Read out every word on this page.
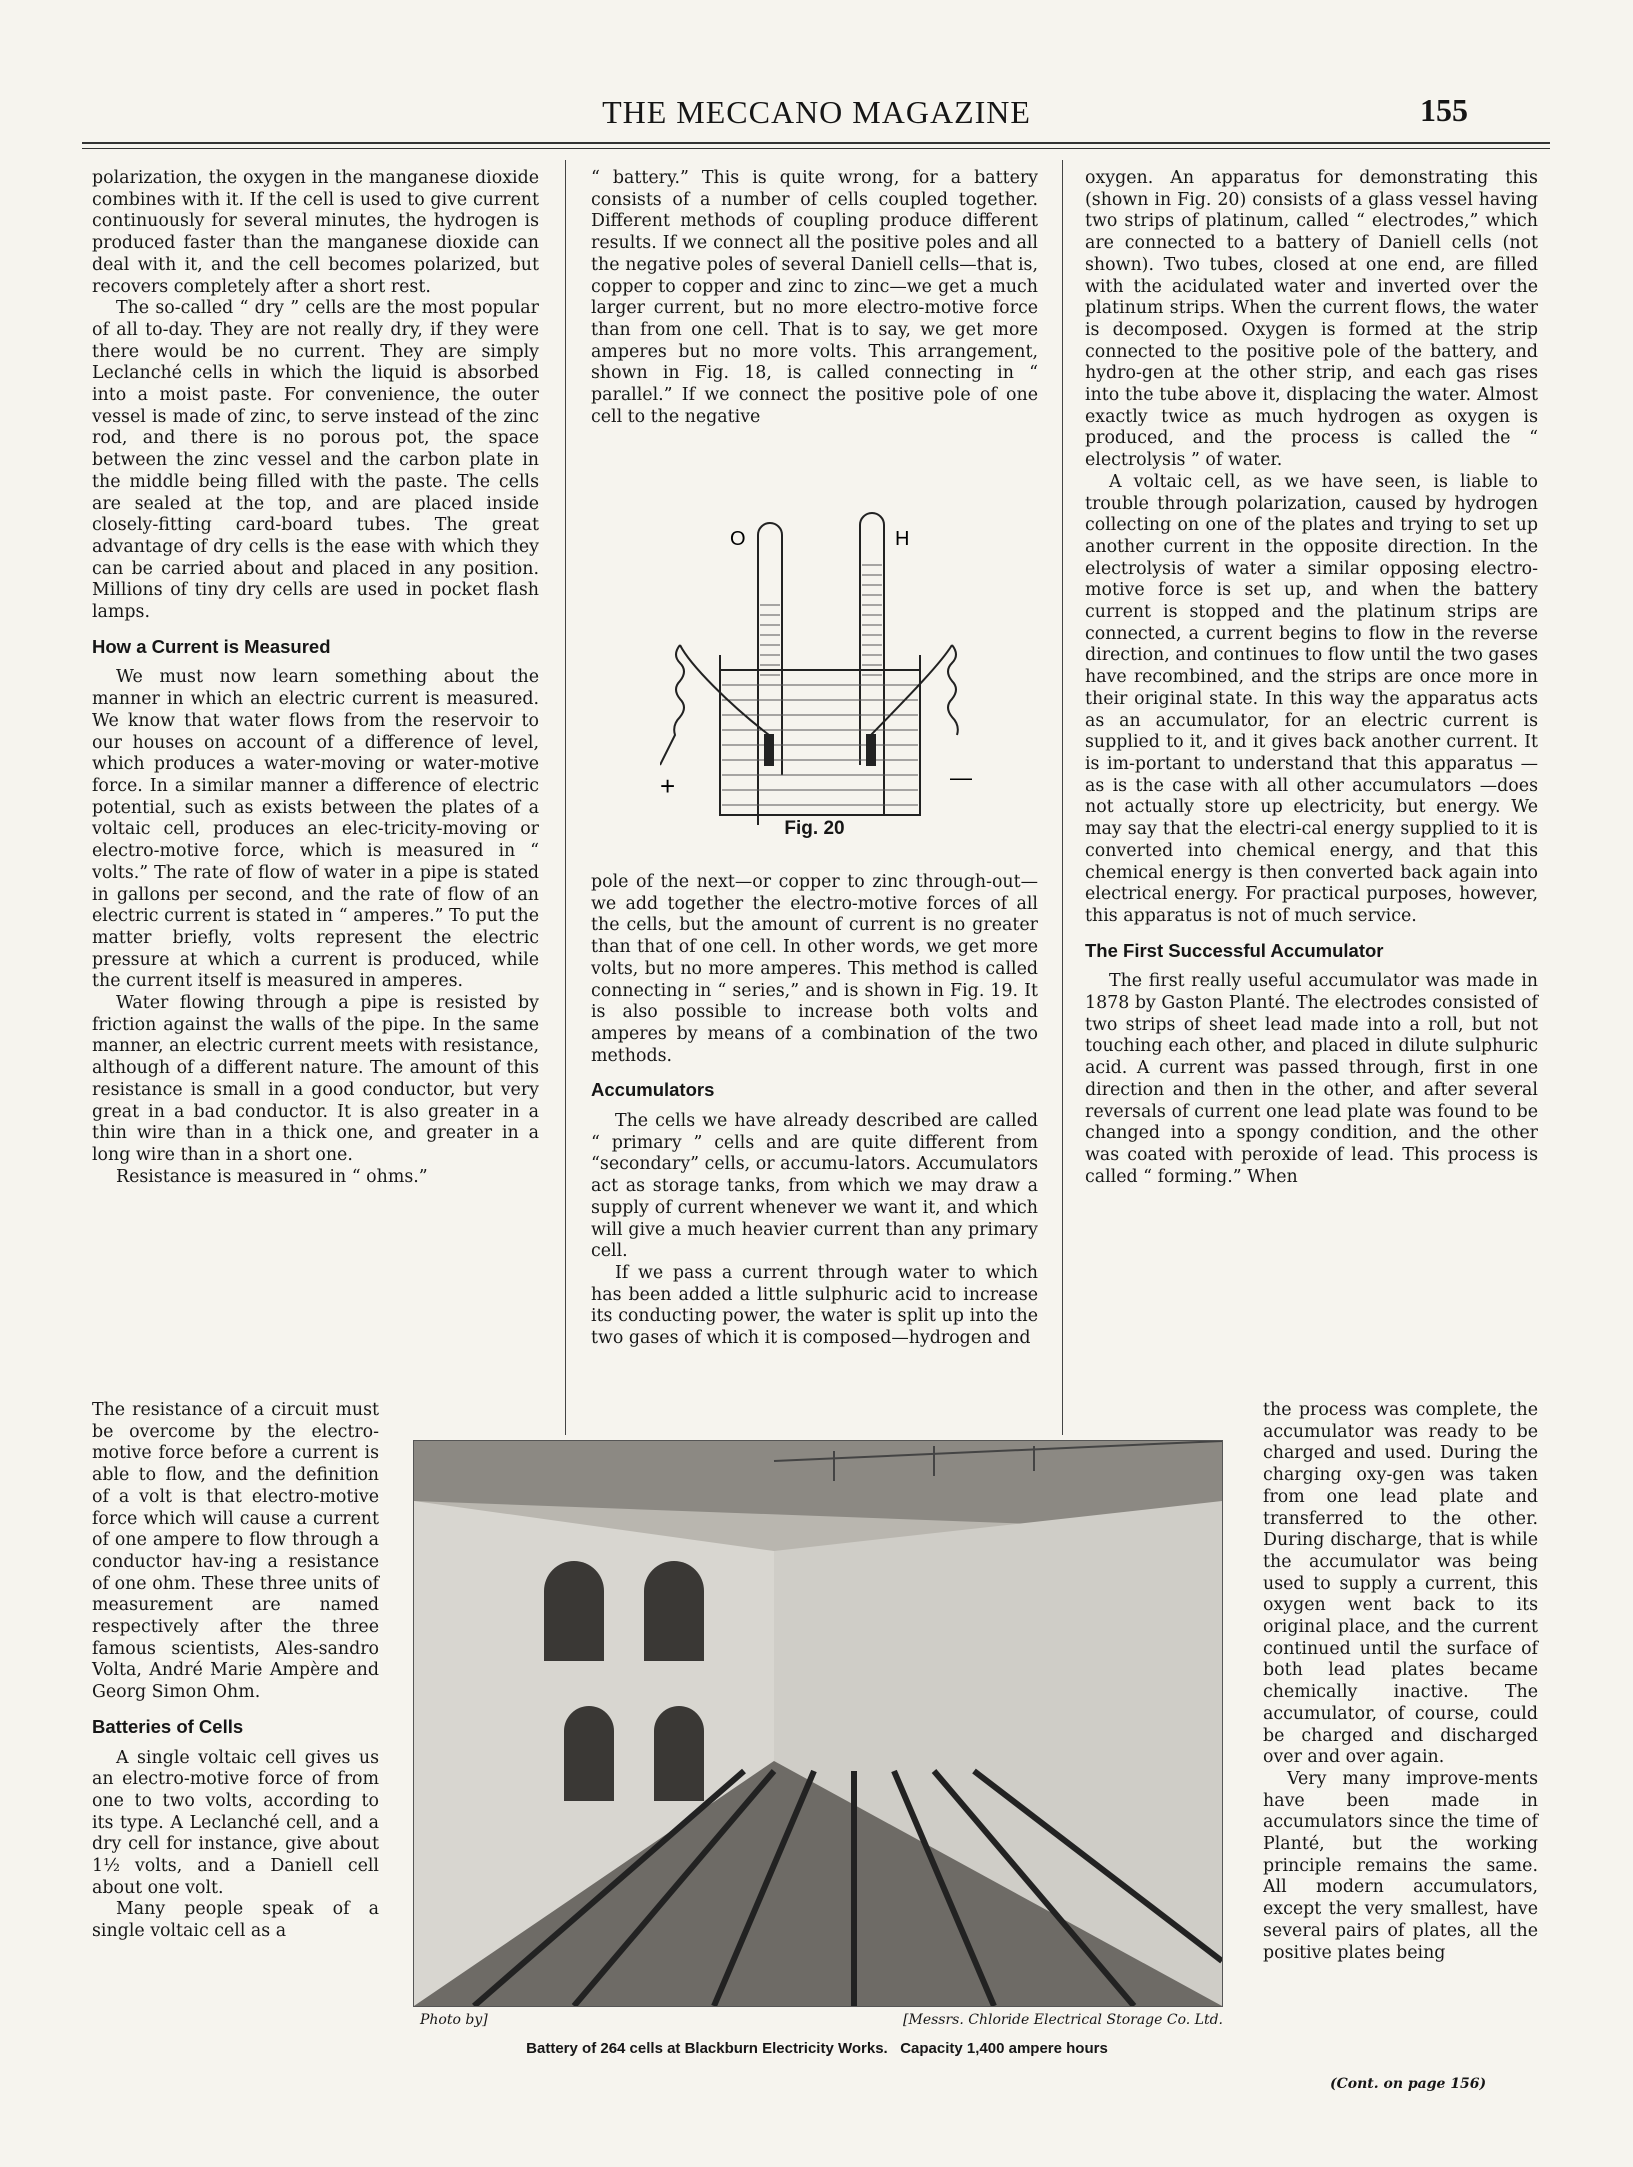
THE MECCANO MAGAZINE	155

polarization, the oxygen in the manganese dioxide combines with it. If the cell is used to give current continuously for several minutes, the hydrogen is produced faster than the manganese dioxide can deal with it, and the cell becomes polarized, but recovers completely after a short rest.

The so-called “ dry ” cells are the most popular of all to-day. They are not really dry, if they were there would be no current. They are simply Leclanché cells in which the liquid is absorbed into a moist paste. For convenience, the outer vessel is made of zinc, to serve instead of the zinc rod, and there is no porous pot, the space between the zinc vessel and the carbon plate in the middle being filled with the paste. The cells are sealed at the top, and are placed inside closely-fitting card-board tubes. The great advantage of dry cells is the ease with which they can be carried about and placed in any position. Millions of tiny dry cells are used in pocket flash lamps.

How a Current is Measured

We must now learn something about the manner in which an electric current is measured. We know that water flows from the reservoir to our houses on account of a difference of level, which produces a water-moving or water-motive force. In a similar manner a difference of electric potential, such as exists between the plates of a voltaic cell, produces an elec-tricity-moving or electro-motive force, which is measured in “ volts.” The rate of flow of water in a pipe is stated in gallons per second, and the rate of flow of an electric current is stated in “ amperes.” To put the matter briefly, volts represent the electric pressure at which a current is produced, while the current itself is measured in amperes.

Water flowing through a pipe is resisted by friction against the walls of the pipe. In the same manner, an electric current meets with resistance, although of a different nature. The amount of this resistance is small in a good conductor, but very great in a bad conductor. It is also greater in a thin wire than in a thick one, and greater in a long wire than in a short one.

Resistance is measured in “ ohms.”

The resistance of a circuit must be overcome by the electro-motive force before a current is able to flow, and the definition of a volt is that electro-motive force which will cause a current of one ampere to flow through a conductor hav-ing a resistance of one ohm. These three units of measurement are named respectively after the three famous scientists, Ales-sandro Volta, André Marie Ampère and Georg Simon Ohm.

Batteries of Cells

A single voltaic cell gives us an electro-motive force of from one to two volts, according to its type. A Leclanché cell, and a dry cell for instance, give about 1½ volts, and a Daniell cell about one volt.

Many people speak of a single voltaic cell as a

“ battery.” This is quite wrong, for a battery consists of a number of cells coupled together. Different methods of coupling produce different results. If we connect all the positive poles and all the negative poles of several Daniell cells—that is, copper to copper and zinc to zinc—we get a much larger current, but no more electro-motive force than from one cell. That is to say, we get more amperes but no more volts. This arrangement, shown in Fig. 18, is called connecting in “ parallel.” If we connect the positive pole of one cell to the negative

O	H
+	—
Fig. 20

pole of the next—or copper to zinc through-out—we add together the electro-motive forces of all the cells, but the amount of current is no greater than that of one cell. In other words, we get more volts, but no more amperes. This method is called connecting in “ series,” and is shown in Fig. 19. It is also possible to increase both volts and amperes by means of a combination of the two methods.

Accumulators

The cells we have already described are called “ primary ” cells and are quite different from “secondary” cells, or accumu-lators. Accumulators act as storage tanks, from which we may draw a supply of current whenever we want it, and which will give a much heavier current than any primary cell.

If we pass a current through water to which has been added a little sulphuric acid to increase its conducting power, the water is split up into the two gases of which it is composed—hydrogen and

oxygen. An apparatus for demonstrating this (shown in Fig. 20) consists of a glass vessel having two strips of platinum, called “ electrodes,” which are connected to a battery of Daniell cells (not shown). Two tubes, closed at one end, are filled with the acidulated water and inverted over the platinum strips. When the current flows, the water is decomposed. Oxygen is formed at the strip connected to the positive pole of the battery, and hydro-gen at the other strip, and each gas rises into the tube above it, displacing the water. Almost exactly twice as much hydrogen as oxygen is produced, and the process is called the “ electrolysis ” of water.

A voltaic cell, as we have seen, is liable to trouble through polarization, caused by hydrogen collecting on one of the plates and trying to set up another current in the opposite direction. In the electrolysis of water a similar opposing electro-motive force is set up, and when the battery current is stopped and the platinum strips are connected, a current begins to flow in the reverse direction, and continues to flow until the two gases have recombined, and the strips are once more in their original state. In this way the apparatus acts as an accumulator, for an electric current is supplied to it, and it gives back another current. It is im-portant to understand that this apparatus —as is the case with all other accumulators —does not actually store up electricity, but energy. We may say that the electri-cal energy supplied to it is converted into chemical energy, and that this chemical energy is then converted back again into electrical energy. For practical purposes, however, this apparatus is not of much service.

The First Successful Accumulator

The first really useful accumulator was made in 1878 by Gaston Planté. The electrodes consisted of two strips of sheet lead made into a roll, but not touching each other, and placed in dilute sulphuric acid. A current was passed through, first in one direction and then in the other, and after several reversals of current one lead plate was found to be changed into a spongy condition, and the other was coated with peroxide of lead. This process is called “ forming.” When

the process was complete, the accumulator was ready to be charged and used. During the charging oxy-gen was taken from one lead plate and transferred to the other. During discharge, that is while the accumulator was being used to supply a current, this oxygen went back to its original place, and the current continued until the surface of both lead plates became chemically inactive. The accumulator, of course, could be charged and discharged over and over again.

Very many improve-ments have been made in accumulators since the time of Planté, but the working principle remains the same. All modern accumulators, except the very smallest, have several pairs of plates, all the positive plates being

(Cont. on page 156)
Photo by]	[Messrs. Chloride Electrical Storage Co. Ltd.
Battery of 264 cells at Blackburn Electricity Works.   Capacity 1,400 ampere hours
